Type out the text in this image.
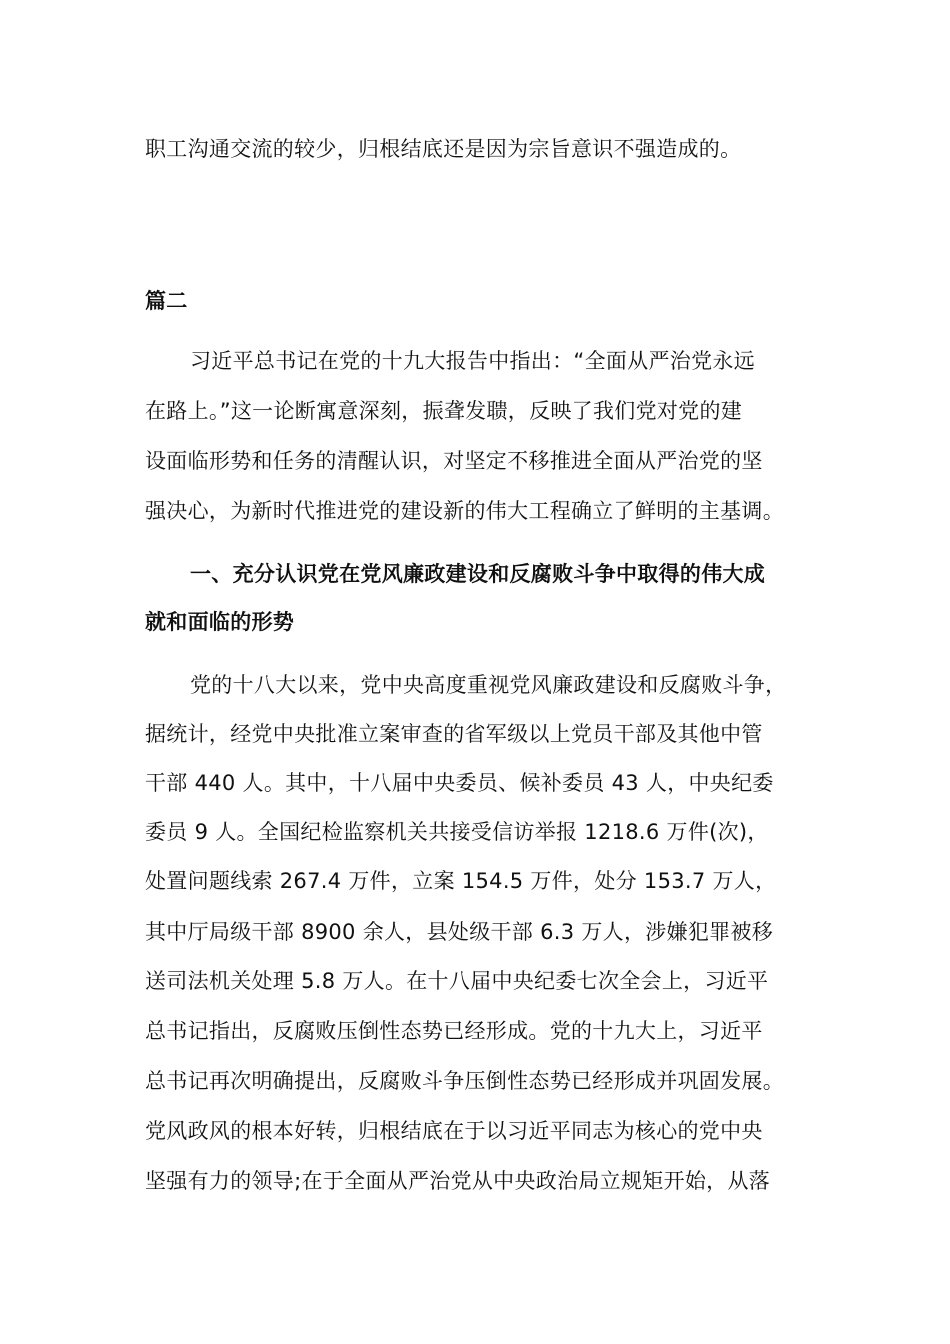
职工沟通交流的较少，归根结底还是因为宗旨意识不强造成的。
篇二
习近平总书记在党的十九大报告中指出：“全面从严治党永远
在路上。”这一论断寓意深刻，振聋发聩，反映了我们党对党的建
设面临形势和任务的清醒认识，对坚定不移推进全面从严治党的坚
强决心，为新时代推进党的建设新的伟大工程确立了鲜明的主基调。
一、充分认识党在党风廉政建设和反腐败斗争中取得的伟大成
就和面临的形势
党的十八大以来，党中央高度重视党风廉政建设和反腐败斗争，
据统计，经党中央批准立案审查的省军级以上党员干部及其他中管
干部 440 人。其中，十八届中央委员、候补委员 43 人，中央纪委
委员 9 人。全国纪检监察机关共接受信访举报 1218.6 万件(次)，
处置问题线索 267.4 万件，立案 154.5 万件，处分 153.7 万人，
其中厅局级干部 8900 余人，县处级干部 6.3 万人，涉嫌犯罪被移
送司法机关处理 5.8 万人。在十八届中央纪委七次全会上，习近平
总书记指出，反腐败压倒性态势已经形成。党的十九大上，习近平
总书记再次明确提出，反腐败斗争压倒性态势已经形成并巩固发展。
党风政风的根本好转，归根结底在于以习近平同志为核心的党中央
坚强有力的领导;在于全面从严治党从中央政治局立规矩开始，从落
